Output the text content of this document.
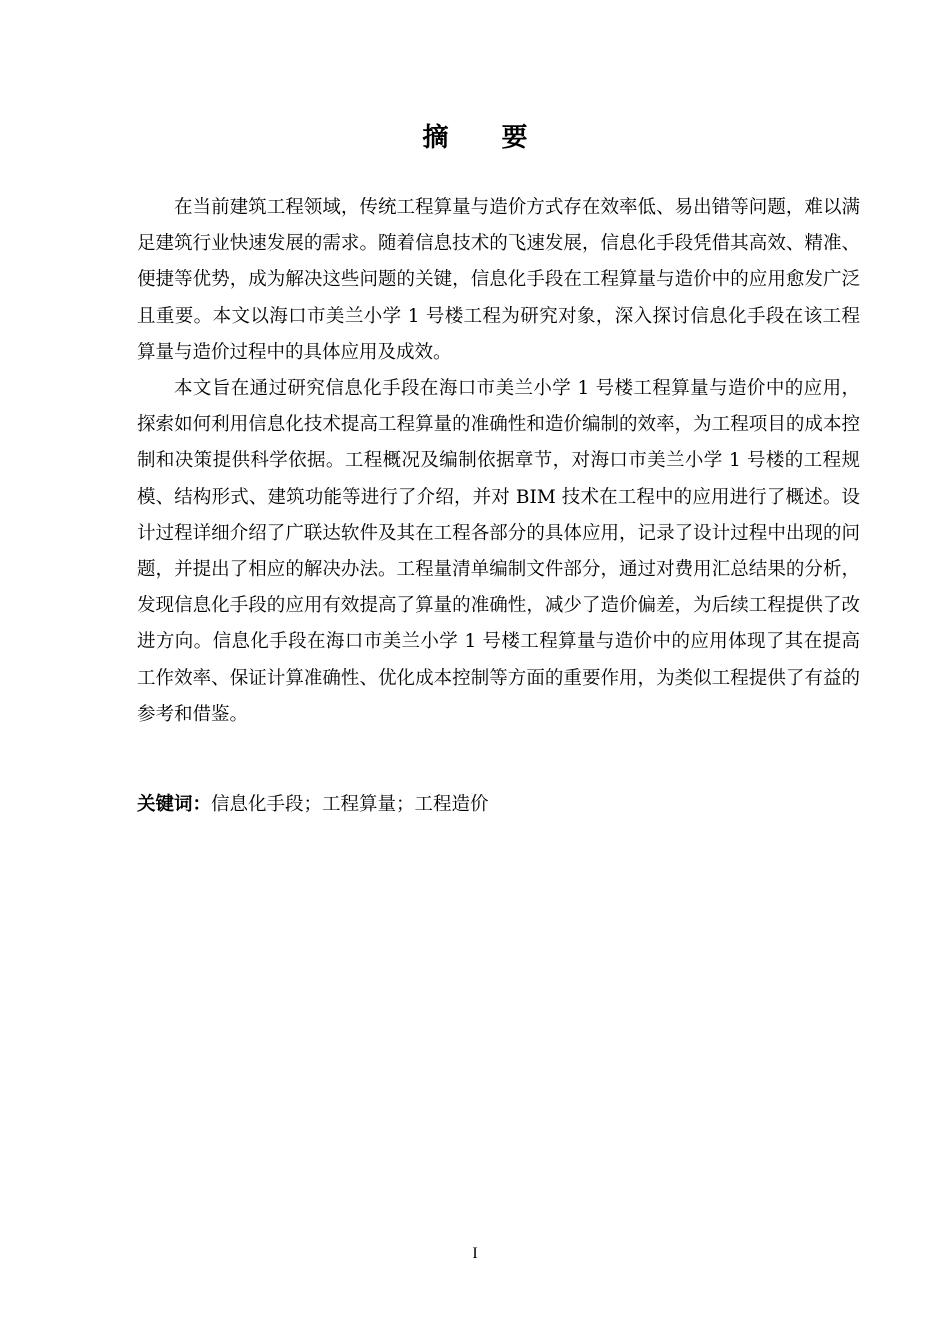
摘 要

在当前建筑工程领域，传统工程算量与造价方式存在效率低、易出错等问题，难以满足建筑行业快速发展的需求。随着信息技术的飞速发展，信息化手段凭借其高效、精准、便捷等优势，成为解决这些问题的关键，信息化手段在工程算量与造价中的应用愈发广泛且重要。本文以海口市美兰小学 1 号楼工程为研究对象，深入探讨信息化手段在该工程算量与造价过程中的具体应用及成效。

本文旨在通过研究信息化手段在海口市美兰小学 1 号楼工程算量与造价中的应用，探索如何利用信息化技术提高工程算量的准确性和造价编制的效率，为工程项目的成本控制和决策提供科学依据。工程概况及编制依据章节，对海口市美兰小学 1 号楼的工程规模、结构形式、建筑功能等进行了介绍，并对 BIM 技术在工程中的应用进行了概述。设计过程详细介绍了广联达软件及其在工程各部分的具体应用，记录了设计过程中出现的问题，并提出了相应的解决办法。工程量清单编制文件部分，通过对费用汇总结果的分析，发现信息化手段的应用有效提高了算量的准确性，减少了造价偏差，为后续工程提供了改进方向。信息化手段在海口市美兰小学 1 号楼工程算量与造价中的应用体现了其在提高工作效率、保证计算准确性、优化成本控制等方面的重要作用，为类似工程提供了有益的参考和借鉴。

关键词：信息化手段；工程算量；工程造价
I
